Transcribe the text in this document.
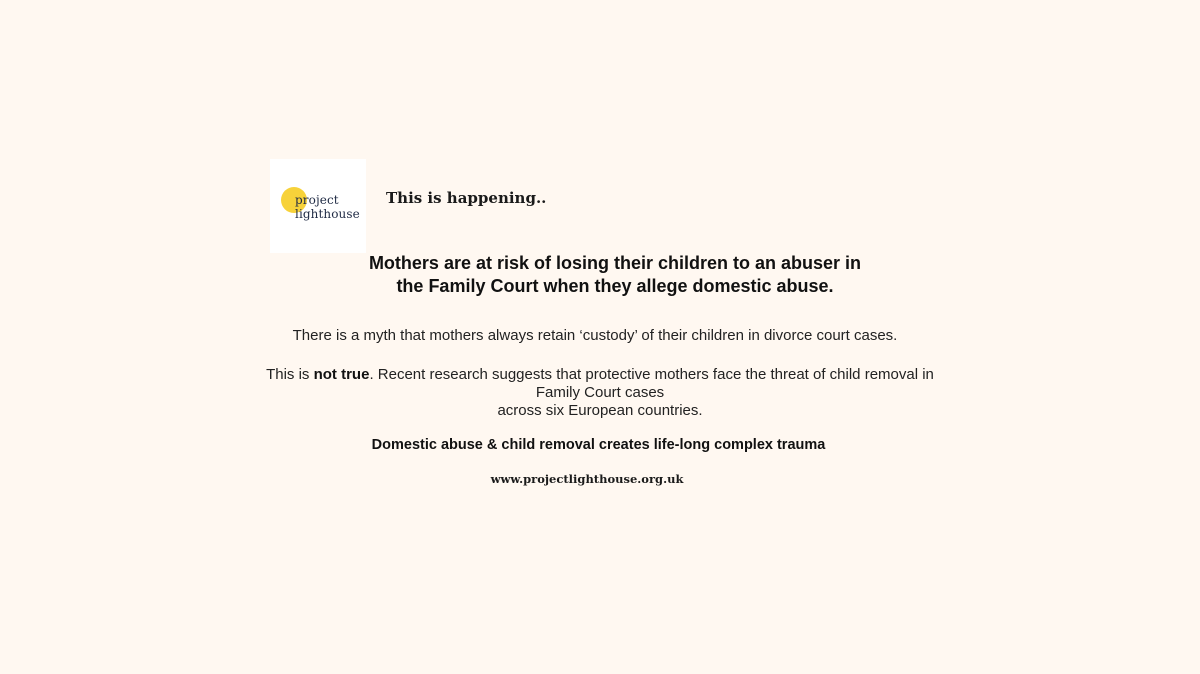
project
lighthouse
This is happening..
Mothers are at risk of losing their children to an abuser in
the Family Court when they allege domestic abuse.
There is a myth that mothers always retain ‘custody’ of their children in divorce court cases.
This is not true. Recent research suggests that protective mothers face the threat of child removal in
Family Court cases
across six European countries.
Domestic abuse & child removal creates life-long complex trauma
www.projectlighthouse.org.uk
